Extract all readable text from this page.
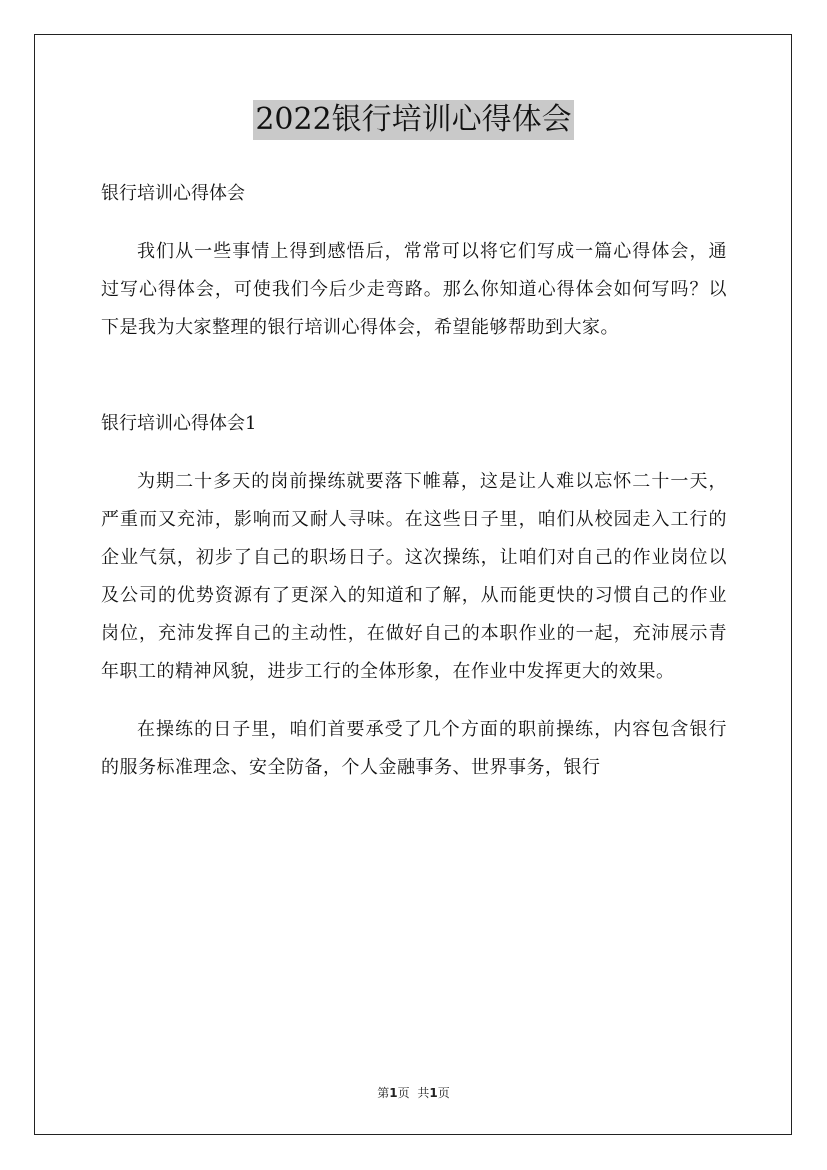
2022银行培训心得体会

银行培训心得体会

我们从一些事情上得到感悟后，常常可以将它们写成一篇心得体会，通过写心得体会，可使我们今后少走弯路。那么你知道心得体会如何写吗？以下是我为大家整理的银行培训心得体会，希望能够帮助到大家。

银行培训心得体会1

为期二十多天的岗前操练就要落下帷幕，这是让人难以忘怀二十一天，严重而又充沛，影响而又耐人寻味。在这些日子里，咱们从校园走入工行的企业气氛，初步了自己的职场日子。这次操练，让咱们对自己的作业岗位以及公司的优势资源有了更深入的知道和了解，从而能更快的习惯自己的作业岗位，充沛发挥自己的主动性，在做好自己的本职作业的一起，充沛展示青年职工的精神风貌，进步工行的全体形象，在作业中发挥更大的效果。

在操练的日子里，咱们首要承受了几个方面的职前操练，内容包含银行的服务标准理念、安全防备，个人金融事务、世界事务，银行

第1页 共1页
